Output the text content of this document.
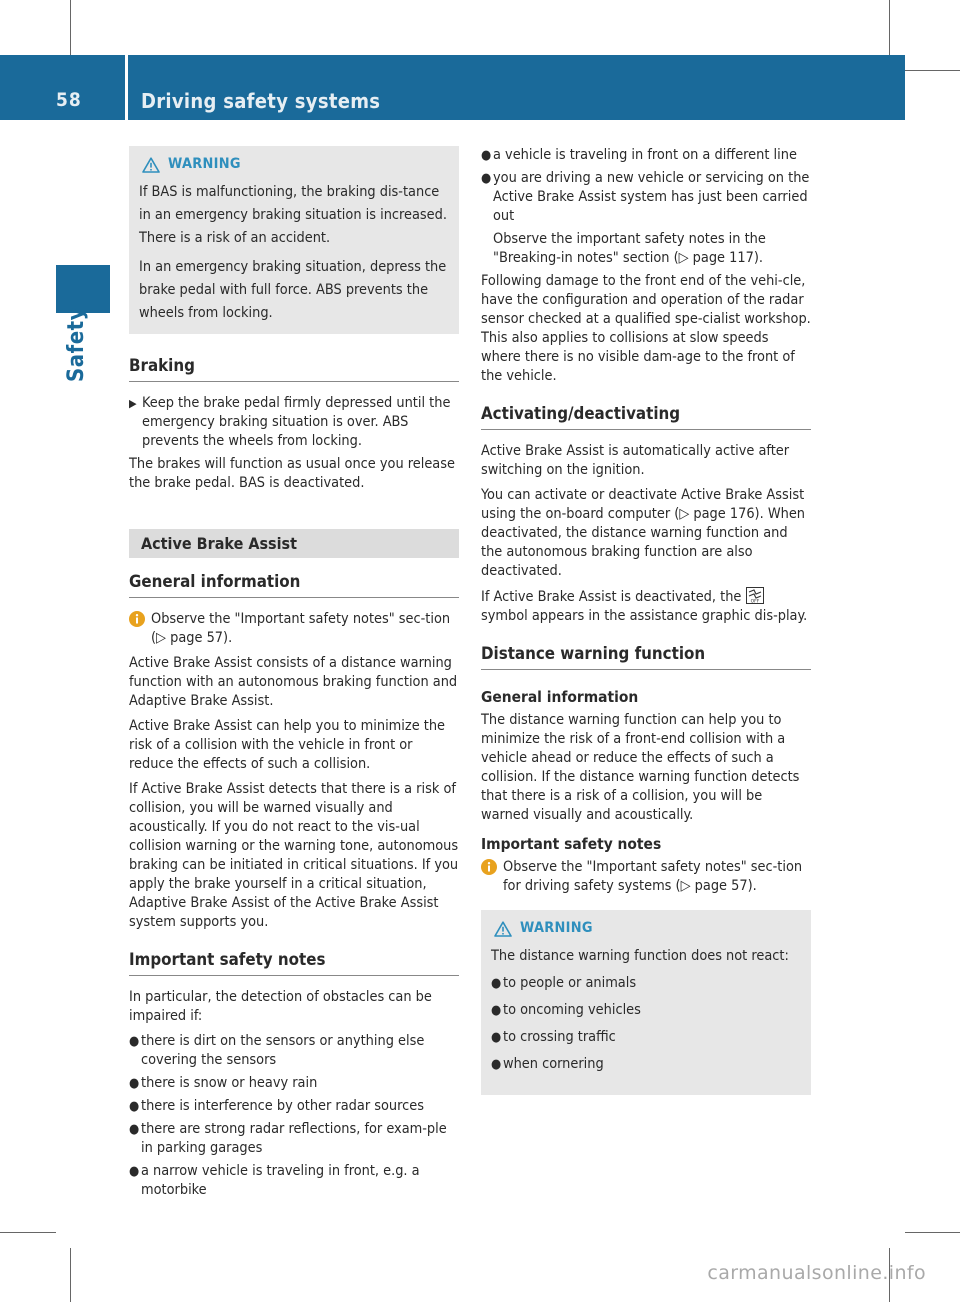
58	Driving safety systems
Safety
WARNING

If BAS is malfunctioning, the braking dis-tance in an emergency braking situation is increased. There is a risk of an accident.

In an emergency braking situation, depress the brake pedal with full force. ABS prevents the wheels from locking.

Braking
▶ Keep the brake pedal firmly depressed until the emergency braking situation is over. ABS prevents the wheels from locking.

The brakes will function as usual once you release the brake pedal. BAS is deactivated.

Active Brake Assist
General information
Observe the "Important safety notes" sec-tion (▷ page 57).

Active Brake Assist consists of a distance warning function with an autonomous braking function and Adaptive Brake Assist.

Active Brake Assist can help you to minimize the risk of a collision with the vehicle in front or reduce the effects of such a collision.

If Active Brake Assist detects that there is a risk of collision, you will be warned visually and acoustically. If you do not react to the vis-ual collision warning or the warning tone, autonomous braking can be initiated in critical situations. If you apply the brake yourself in a critical situation, Adaptive Brake Assist of the Active Brake Assist system supports you.

Important safety notes

In particular, the detection of obstacles can be impaired if:

● there is dirt on the sensors or anything else covering the sensors
● there is snow or heavy rain
● there is interference by other radar sources
● there are strong radar reflections, for exam-ple in parking garages
● a narrow vehicle is traveling in front, e.g. a motorbike
● a vehicle is traveling in front on a different line
● you are driving a new vehicle or servicing on the Active Brake Assist system has just been carried out
Observe the important safety notes in the "Breaking-in notes" section (▷ page 117).

Following damage to the front end of the vehi-cle, have the configuration and operation of the radar sensor checked at a qualified spe-cialist workshop. This also applies to collisions at slow speeds where there is no visible dam-age to the front of the vehicle.

Activating/deactivating

Active Brake Assist is automatically active after switching on the ignition.

You can activate or deactivate Active Brake Assist using the on-board computer (▷ page 176). When deactivated, the distance warning function and the autonomous braking function are also deactivated.

If Active Brake Assist is deactivated, the OFF
symbol appears in the assistance graphic dis-play.

Distance warning function
General information

The distance warning function can help you to minimize the risk of a front-end collision with a vehicle ahead or reduce the effects of such a collision. If the distance warning function detects that there is a risk of a collision, you will be warned visually and acoustically.

Important safety notes
Observe the "Important safety notes" sec-tion for driving safety systems (▷ page 57).
WARNING

The distance warning function does not react:

● to people or animals
● to oncoming vehicles
● to crossing traffic
● when cornering
carmanualsonline.info
